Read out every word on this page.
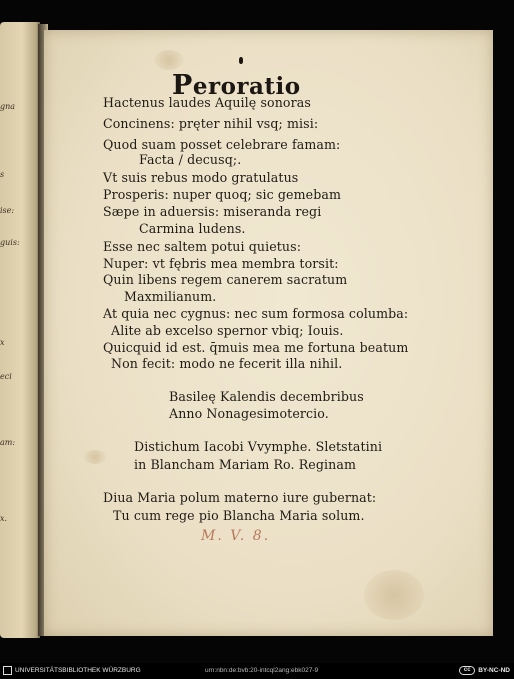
gna
s
ise:
guis:
x
eci
am:
x.
Peroratio
Hactenus laudes Aquilę sonoras
Concinens: pręter nihil vsq; misi:
Quod suam posset celebrare famam:
Facta / decusq;.
Vt suis rebus modo gratulatus
Prosperis: nuper quoq; sic gemebam
Sæpe in aduersis: miseranda regi
Carmina ludens.
Esse nec saltem potui quietus:
Nuper: vt fębris mea membra torsit:
Quin libens regem canerem sacratum
Maxmilianum.
At quia nec cygnus: nec sum formosa columba:
Alite ab excelso spernor vbiq; Iouis.
Quicquid id est. q̄muis mea me fortuna beatum
Non fecit: modo ne fecerit illa nihil.
Basileę Kalendis decembribus
Anno Nonagesimotercio.
Distichum Iacobi Vvymphe. Sletstatini
in Blancham Mariam Ro. Reginam
Diua Maria polum materno iure gubernat:
Tu cum rege pio Blancha Maria solum.
M. V. 8.
UNIVERSITÄTSBIBLIOTHEK WÜRZBURG	urn:nbn:de:bvb:20-intcql2ang:ebk027-9	cc	BY-NC-ND
